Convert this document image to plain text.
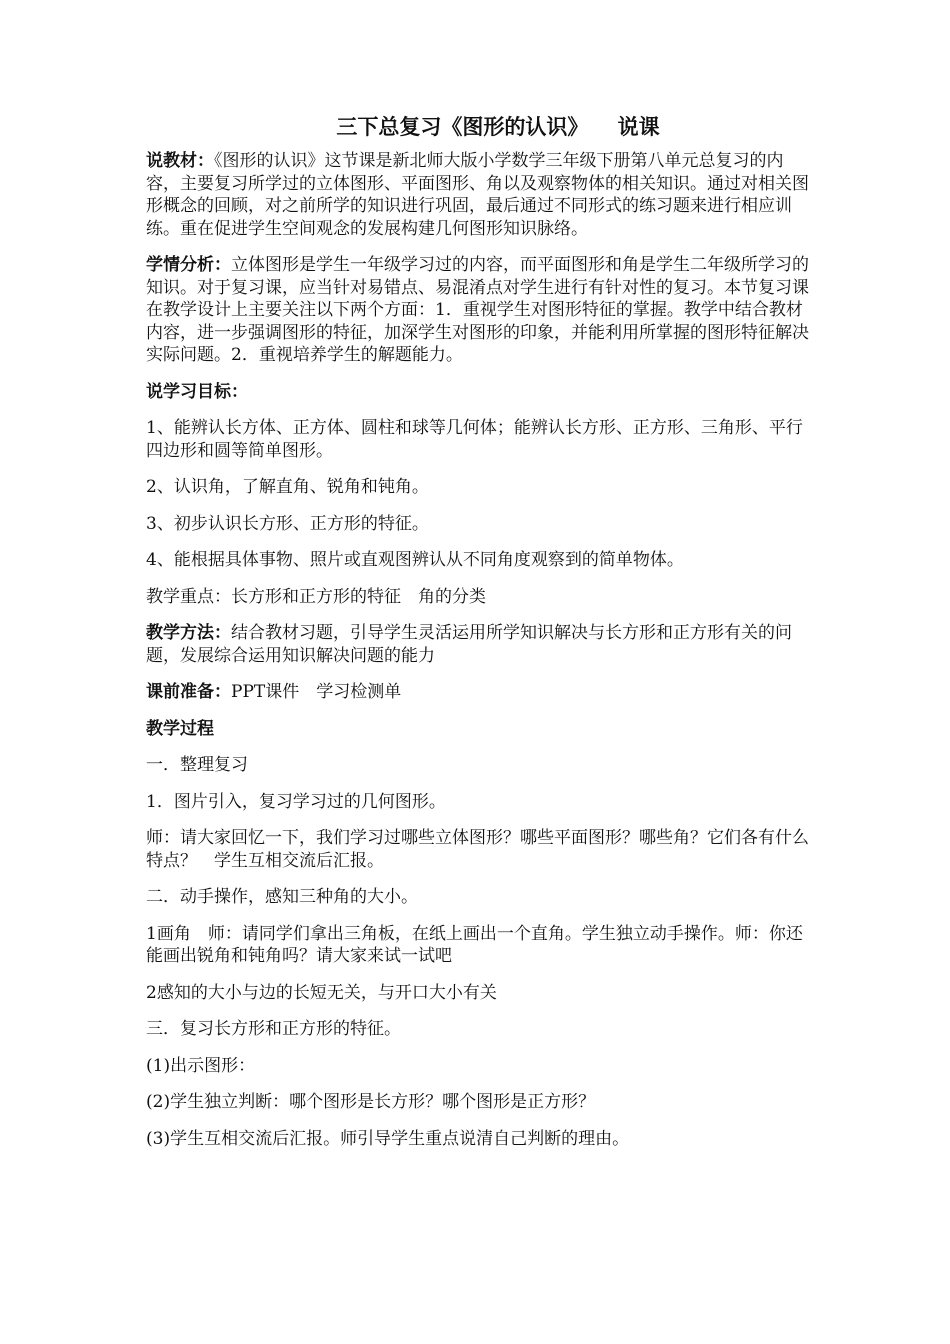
三下总复习《图形的认识》    说课

说教材：《图形的认识》这节课是新北师大版小学数学三年级下册第八单元总复习的内容，主要复习所学过的立体图形、平面图形、角以及观察物体的相关知识。通过对相关图形概念的回顾，对之前所学的知识进行巩固，最后通过不同形式的练习题来进行相应训练。重在促进学生空间观念的发展构建几何图形知识脉络。

学情分析：立体图形是学生一年级学习过的内容，而平面图形和角是学生二年级所学习的知识。对于复习课，应当针对易错点、易混淆点对学生进行有针对性的复习。本节复习课在教学设计上主要关注以下两个方面：1．重视学生对图形特征的掌握。教学中结合教材内容，进一步强调图形的特征，加深学生对图形的印象，并能利用所掌握的图形特征解决实际问题。2．重视培养学生的解题能力。

说学习目标：

1、能辨认长方体、正方体、圆柱和球等几何体；能辨认长方形、正方形、三角形、平行四边形和圆等简单图形。

2、认识角，了解直角、锐角和钝角。

3、初步认识长方形、正方形的特征。

4、能根据具体事物、照片或直观图辨认从不同角度观察到的简单物体。

教学重点：长方形和正方形的特征　角的分类

教学方法：结合教材习题，引导学生灵活运用所学知识解决与长方形和正方形有关的问题，发展综合运用知识解决问题的能力

课前准备：PPT课件　学习检测单

教学过程

一．整理复习

1．图片引入，复习学习过的几何图形。

师：请大家回忆一下，我们学习过哪些立体图形？哪些平面图形？哪些角？它们各有什么特点？　学生互相交流后汇报。

二．动手操作，感知三种角的大小。

1画角　师：请同学们拿出三角板，在纸上画出一个直角。学生独立动手操作。师：你还能画出锐角和钝角吗？请大家来试一试吧

2感知的大小与边的长短无关，与开口大小有关

三．复习长方形和正方形的特征。

(1)出示图形：

(2)学生独立判断：哪个图形是长方形？哪个图形是正方形？

(3)学生互相交流后汇报。师引导学生重点说清自己判断的理由。
